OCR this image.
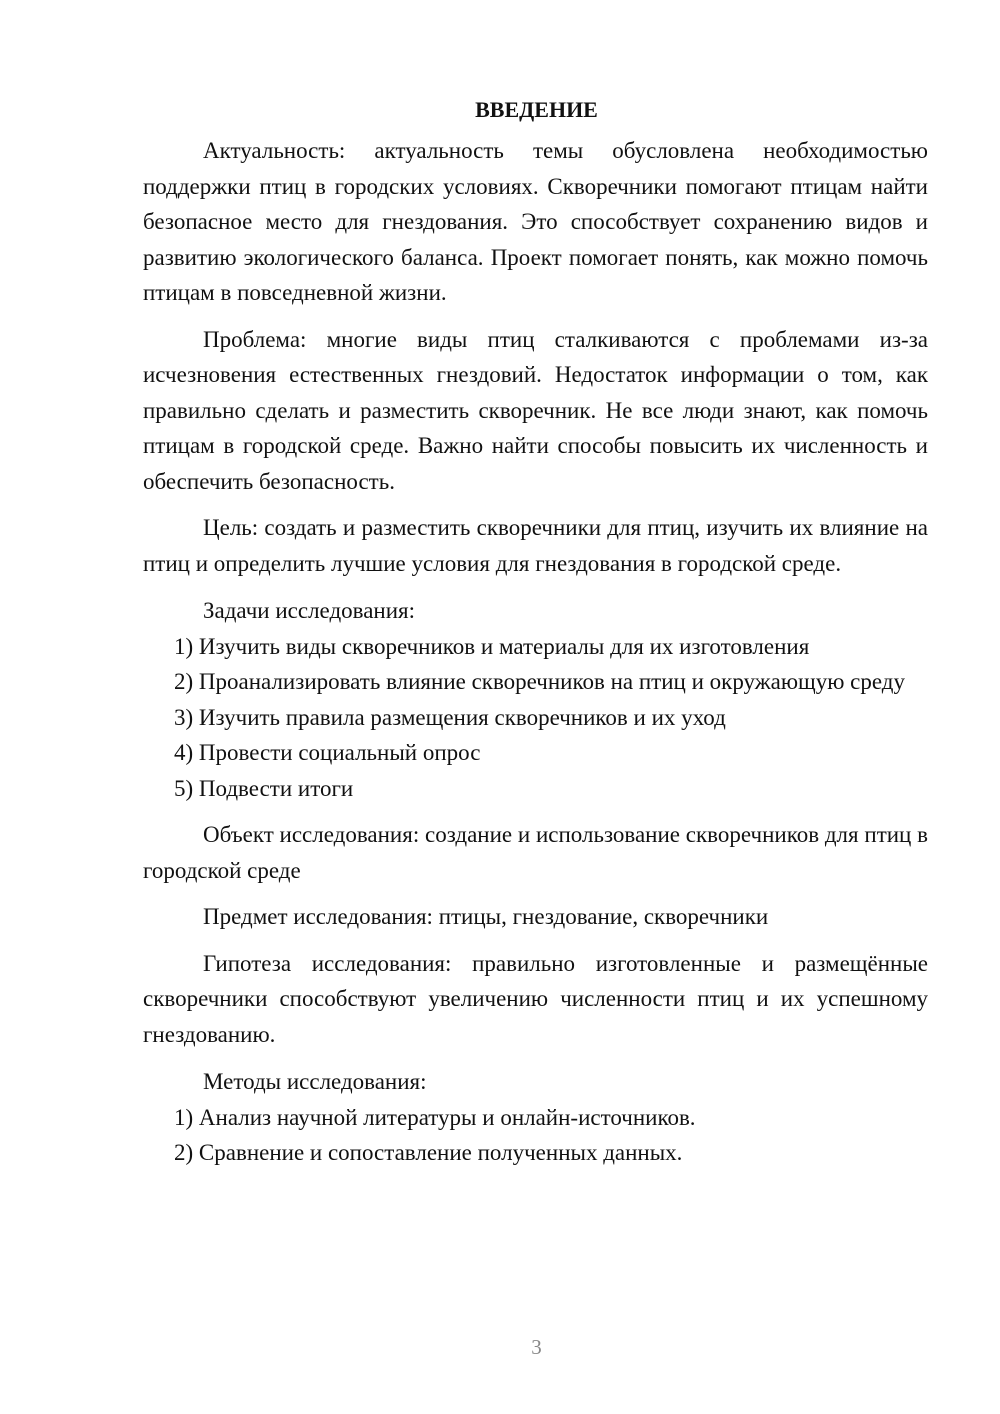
ВВЕДЕНИЕ

Актуальность: актуальность темы обусловлена необходимостью поддержки птиц в городских условиях. Скворечники помогают птицам найти безопасное место для гнездования. Это способствует сохранению видов и развитию экологического баланса. Проект помогает понять, как можно помочь птицам в повседневной жизни.

Проблема: многие виды птиц сталкиваются с проблемами из-за исчезновения естественных гнездовий. Недостаток информации о том, как правильно сделать и разместить скворечник. Не все люди знают, как помочь птицам в городской среде. Важно найти способы повысить их численность и обеспечить безопасность.

Цель: создать и разместить скворечники для птиц, изучить их влияние на птиц и определить лучшие условия для гнездования в городской среде.

Задачи исследования:

1) Изучить виды скворечников и материалы для их изготовления

2) Проанализировать влияние скворечников на птиц и окружающую среду

3) Изучить правила размещения скворечников и их уход

4) Провести социальный опрос

5) Подвести итоги

Объект исследования: создание и использование скворечников для птиц в городской среде

Предмет исследования: птицы, гнездование, скворечники

Гипотеза исследования: правильно изготовленные и размещённые скворечники способствуют увеличению численности птиц и их успешному гнездованию.

Методы исследования:

1) Анализ научной литературы и онлайн-источников.

2) Сравнение и сопоставление полученных данных.

3
